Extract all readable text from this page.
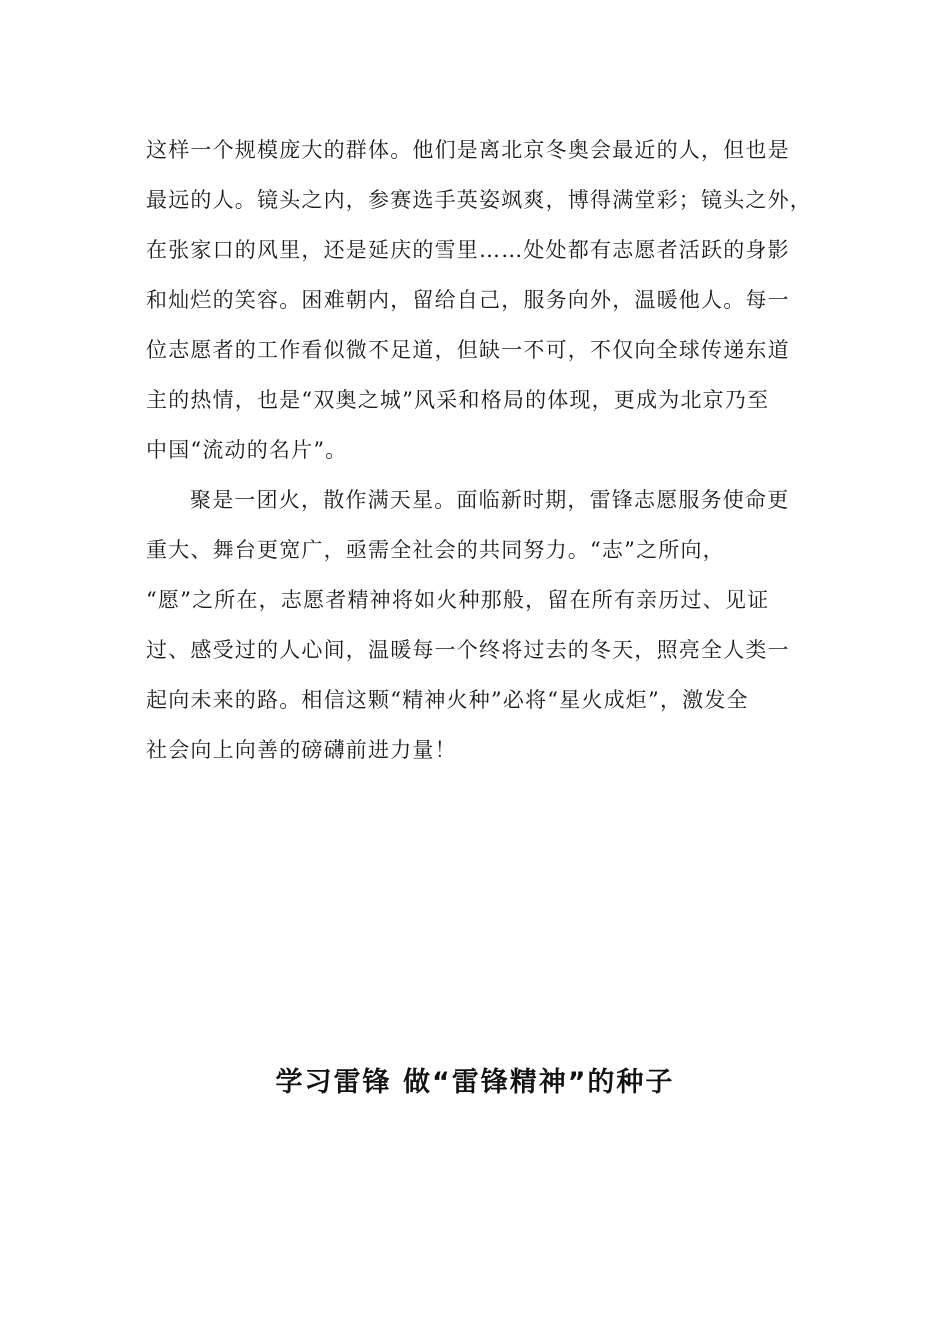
这样一个规模庞大的群体。他们是离北京冬奥会最近的人，但也是
最远的人。镜头之内，参赛选手英姿飒爽，博得满堂彩；镜头之外，
在张家口的风里，还是延庆的雪里……处处都有志愿者活跃的身影
和灿烂的笑容。困难朝内，留给自己，服务向外，温暖他人。每一
位志愿者的工作看似微不足道，但缺一不可，不仅向全球传递东道
主的热情，也是“双奥之城”风采和格局的体现，更成为北京乃至
中国“流动的名片”。
聚是一团火，散作满天星。面临新时期，雷锋志愿服务使命更
重大、舞台更宽广，亟需全社会的共同努力。“志”之所向，
“愿”之所在，志愿者精神将如火种那般，留在所有亲历过、见证
过、感受过的人心间，温暖每一个终将过去的冬天，照亮全人类一
起向未来的路。相信这颗“精神火种”必将“星火成炬”，激发全
社会向上向善的磅礴前进力量！
学习雷锋 做“雷锋精神”的种子
